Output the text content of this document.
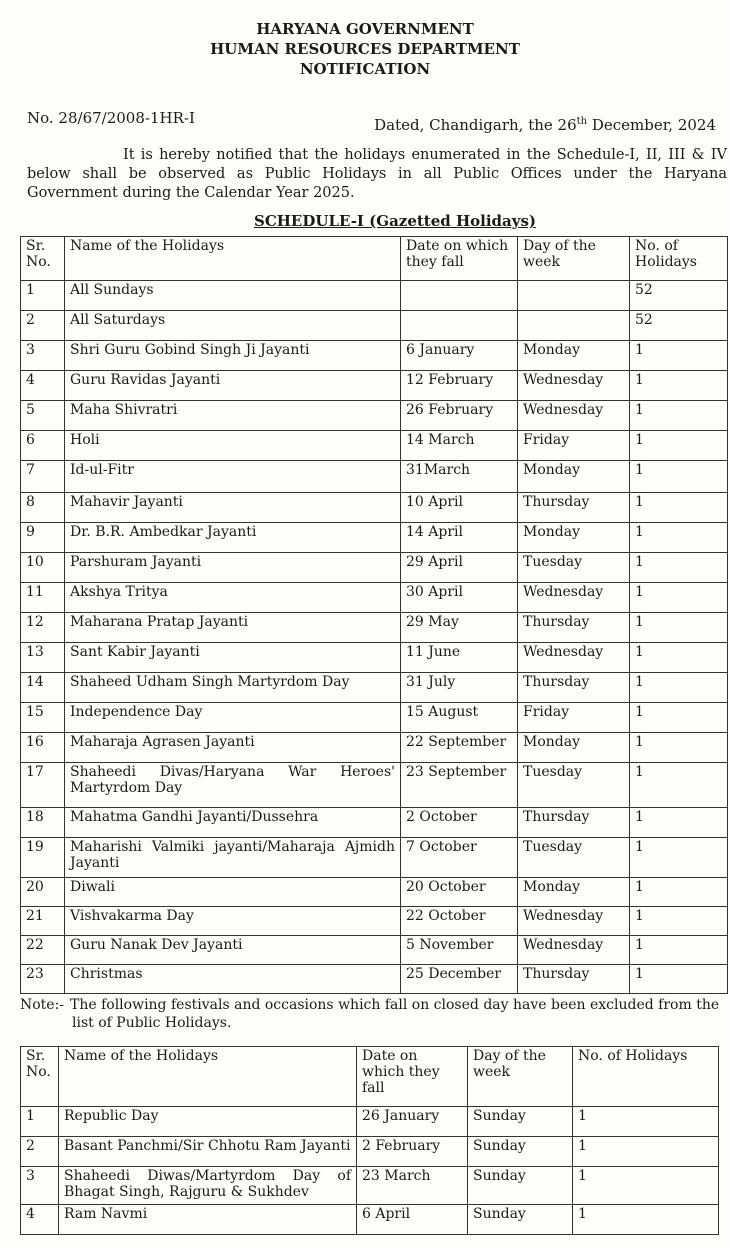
HARYANA GOVERNMENT
HUMAN RESOURCES DEPARTMENT
NOTIFICATION
No. 28/67/2008-1HR-I	Dated, Chandigarh, the 26th December, 2024
It is hereby notified that the holidays enumerated in the Schedule-I, II, III & IV below shall be observed as Public Holidays in all Public Offices under the Haryana Government during the Calendar Year 2025.
SCHEDULE-I (Gazetted Holidays)
Sr. No.	Name of the Holidays	Date on which they fall	Day of the week	No. of Holidays
1	All Sundays			52
2	All Saturdays			52
3	Shri Guru Gobind Singh Ji Jayanti	6 January	Monday	1
4	Guru Ravidas Jayanti	12 February	Wednesday	1
5	Maha Shivratri	26 February	Wednesday	1
6	Holi	14 March	Friday	1
7	Id-ul-Fitr	31March	Monday	1
8	Mahavir Jayanti	10 April	Thursday	1
9	Dr. B.R. Ambedkar Jayanti	14 April	Monday	1
10	Parshuram Jayanti	29 April	Tuesday	1
11	Akshya Tritya	30 April	Wednesday	1
12	Maharana Pratap Jayanti	29 May	Thursday	1
13	Sant Kabir Jayanti	11 June	Wednesday	1
14	Shaheed Udham Singh Martyrdom Day	31 July	Thursday	1
15	Independence Day	15 August	Friday	1
16	Maharaja Agrasen Jayanti	22 September	Monday	1
17	Shaheedi Divas/Haryana War Heroes' Martyrdom Day	23 September	Tuesday	1
18	Mahatma Gandhi Jayanti/Dussehra	2 October	Thursday	1
19	Maharishi Valmiki jayanti/Maharaja Ajmidh Jayanti	7 October	Tuesday	1
20	Diwali	20 October	Monday	1
21	Vishvakarma Day	22 October	Wednesday	1
22	Guru Nanak Dev Jayanti	5 November	Wednesday	1
23	Christmas	25 December	Thursday	1
Note:- The following festivals and occasions which fall on closed day have been excluded from the
list of Public Holidays.
Sr. No.	Name of the Holidays	Date on which they fall	Day of the week	No. of Holidays
1	Republic Day	26 January	Sunday	1
2	Basant Panchmi/Sir Chhotu Ram Jayanti	2 February	Sunday	1
3	Shaheedi Diwas/Martyrdom Day of Bhagat Singh, Rajguru & Sukhdev	23 March	Sunday	1
4	Ram Navmi	6 April	Sunday	1
